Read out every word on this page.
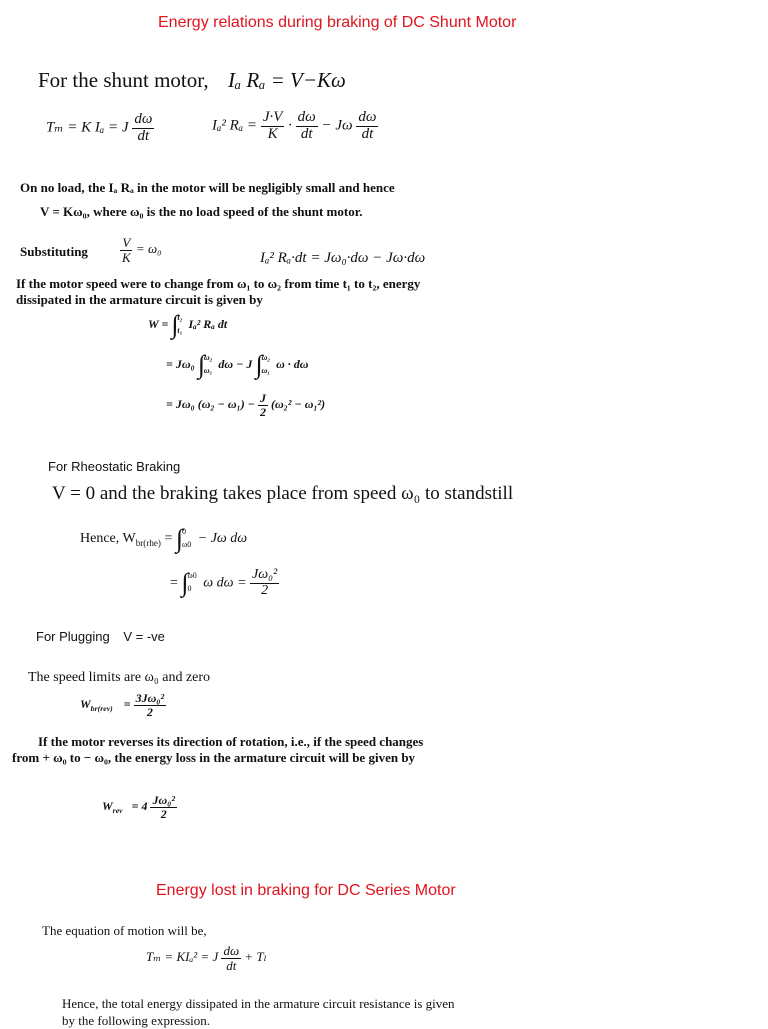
Energy relations during braking of DC Shunt Motor
For the shunt motor, Iₐ Rₐ = V−Kω
Tₘ = K Iₐ = J $\frac{d\omega}{dt}$	Iₐ² $R_a = \frac{J\cdot V}{K} \cdot \frac{d\omega}{dt} - J\omega \frac{d\omega}{dt}$
On no load, the Iₐ Rₐ in the motor will be negligibly small and hence
V = Kω₀, where ω₀ is the no load speed of the shunt motor.
Substituting $\frac{V}{K} = \omega_0$
Iₐ² Rₐ·dt = Jω₀·dω − Jω·dω
If the motor speed were to change from ω₁ to ω₂ from time t₁ to t₂, energy
dissipated in the armature circuit is given by
W = ∫ t₂
t₁ Iₐ² Rₐ dt
= Jω₀ ∫ ω₂
ω₁ dω − J ∫ ω₂
ω₁ ω · dω
= Jω₀ $(\omega_2 - \omega_1) - \frac{J}{2} (\omega_2^2 - \omega_1^2)$
For Rheostatic Braking
V = 0 and the braking takes place from speed ω₀ to standstill
Hence, $W_{br(rhe)}$ = ∫ 0
ω0 − Jω dω
= ∫ ω0
0 ω $d\omega = \frac{\text{Jω₀²}}{2}$
For Plugging V = -ve
The speed limits are ω₀ and zero
$W_{br(rev)} = \frac{\text{3Jω₀²}}{2}$
If the motor reverses its direction of rotation, i.e., if the speed changes
from + ω₀ to − ω₀, the energy loss in the armature circuit will be given by
$W_{rev} = 4 \frac{\text{Jω₀²}}{2}$
Energy lost in braking for DC Series Motor
The equation of motion will be,
Tₘ = KIₐ² = J $\frac{d\omega}{dt} + T_l$
Hence, the total energy dissipated in the armature circuit resistance is given
by the following expression.
